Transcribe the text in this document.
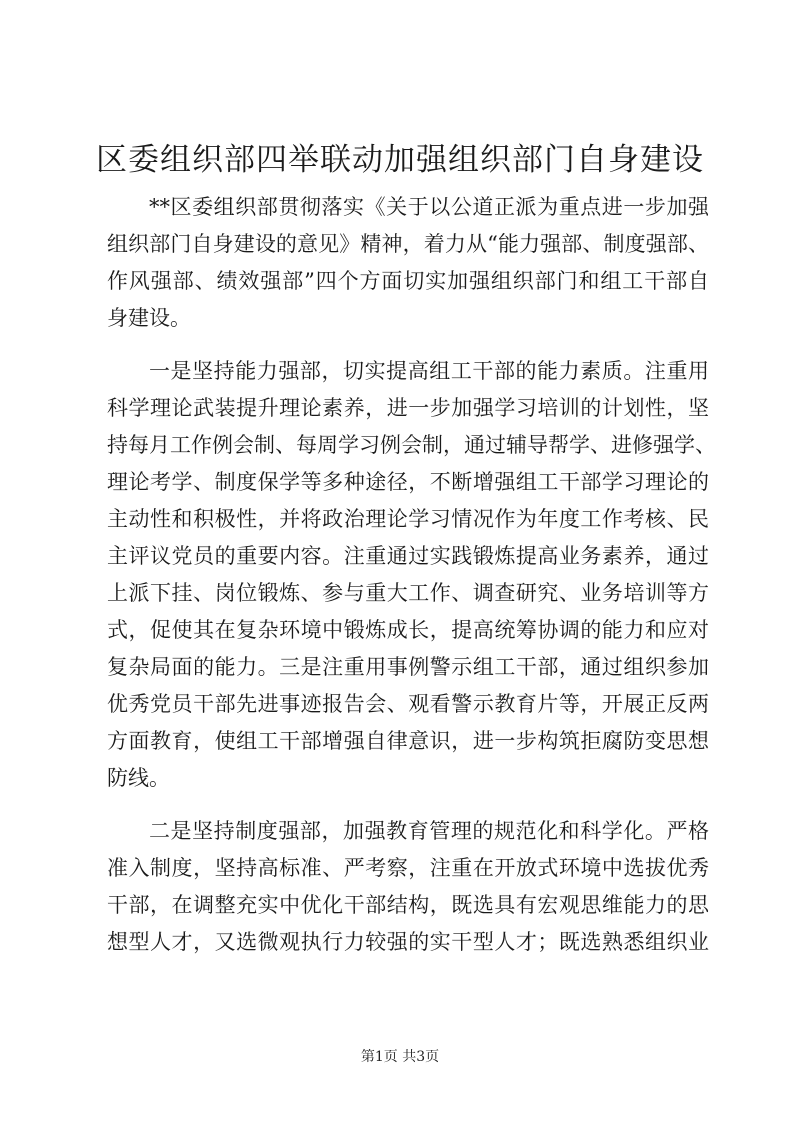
区委组织部四举联动加强组织部门自身建设
**区委组织部贯彻落实《关于以公道正派为重点进一步加强
组织部门自身建设的意见》精神，着力从“能力强部、制度强部、
作风强部、绩效强部”四个方面切实加强组织部门和组工干部自
身建设。
一是坚持能力强部，切实提高组工干部的能力素质。注重用
科学理论武装提升理论素养，进一步加强学习培训的计划性，坚
持每月工作例会制、每周学习例会制，通过辅导帮学、进修强学、
理论考学、制度保学等多种途径，不断增强组工干部学习理论的
主动性和积极性，并将政治理论学习情况作为年度工作考核、民
主评议党员的重要内容。注重通过实践锻炼提高业务素养，通过
上派下挂、岗位锻炼、参与重大工作、调查研究、业务培训等方
式，促使其在复杂环境中锻炼成长，提高统筹协调的能力和应对
复杂局面的能力。三是注重用事例警示组工干部，通过组织参加
优秀党员干部先进事迹报告会、观看警示教育片等，开展正反两
方面教育，使组工干部增强自律意识，进一步构筑拒腐防变思想
防线。
二是坚持制度强部，加强教育管理的规范化和科学化。严格
准入制度，坚持高标准、严考察，注重在开放式环境中选拔优秀
干部，在调整充实中优化干部结构，既选具有宏观思维能力的思
想型人才，又选微观执行力较强的实干型人才；既选熟悉组织业
第1页 共3页
